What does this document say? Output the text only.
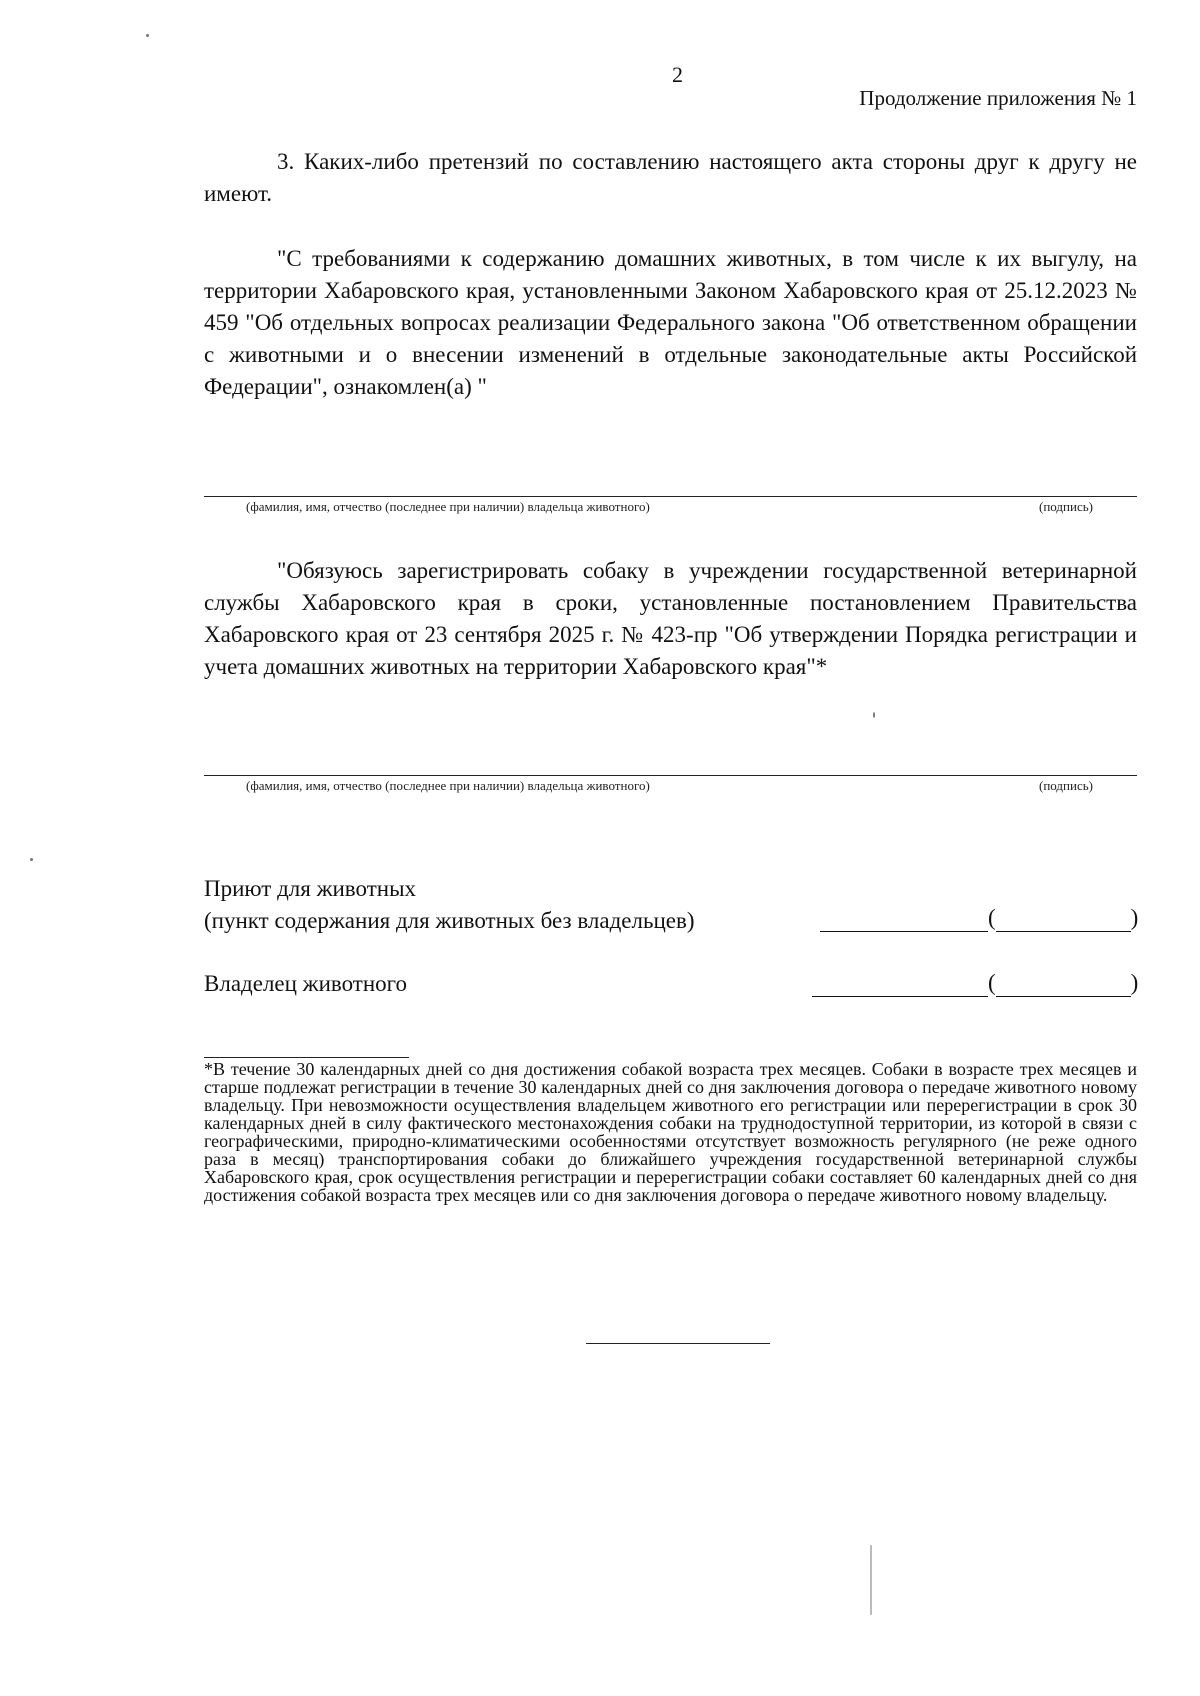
2
Продолжение приложения № 1

3. Каких-либо претензий по составлению настоящего акта стороны друг к другу не имеют.

"С требованиями к содержанию домашних животных, в том числе к их выгулу, на территории Хабаровского края, установленными Законом Хабаровского края от 25.12.2023 № 459 "Об отдельных вопросах реализации Федерального закона "Об ответственном обращении с животными и о внесении изменений в отдельные законодательные акты Российской Федерации", ознакомлен(а) "

(фамилия, имя, отчество (последнее при наличии) владельца животного)	(подпись)

"Обязуюсь зарегистрировать собаку в учреждении государственной ветеринарной службы Хабаровского края в сроки, установленные постановлением Правительства Хабаровского края от 23 сентября 2025 г. № 423-пр "Об утверждении Порядка регистрации и учета домашних животных на территории Хабаровского края"*

(фамилия, имя, отчество (последнее при наличии) владельца животного)	(подпись)
Приют для животных
(пункт содержания для животных без владельцев)	(	)
Владелец животного	(	)

*В течение 30 календарных дней со дня достижения собакой возраста трех месяцев. Собаки в возрасте трех месяцев и старше подлежат регистрации в течение 30 календарных дней со дня заключения договора о передаче животного новому владельцу. При невозможности осуществления владельцем животного его регистрации или перерегистрации в срок 30 календарных дней в силу фактического местонахождения собаки на труднодоступной территории, из которой в связи с географическими, природно-климатическими особенностями отсутствует возможность регулярного (не реже одного раза в месяц) транспортирования собаки до ближайшего учреждения государственной ветеринарной службы Хабаровского края, срок осуществления регистрации и перерегистрации собаки составляет 60 календарных дней со дня достижения собакой возраста трех месяцев или со дня заключения договора о передаче животного новому владельцу.
